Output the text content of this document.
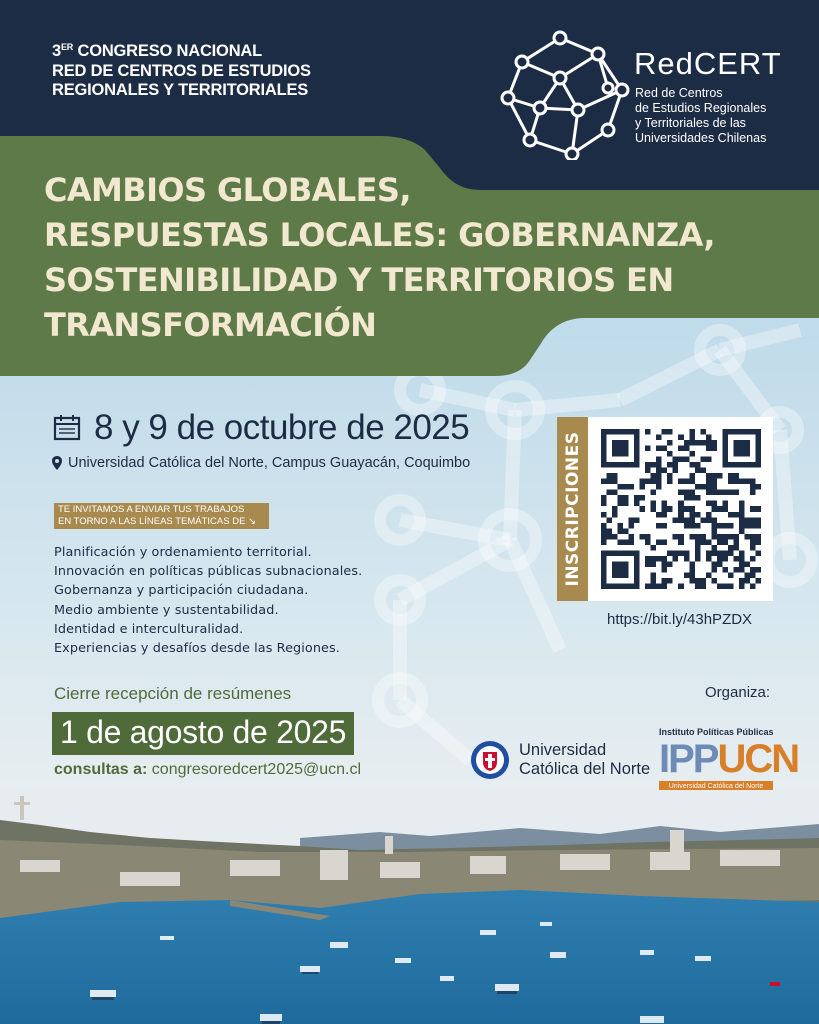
3ER CONGRESO NACIONAL
RED DE CENTROS DE ESTUDIOS
REGIONALES Y TERRITORIALES
RedCERT
Red de Centros
de Estudios Regionales
y Territoriales de las
Universidades Chilenas
CAMBIOS GLOBALES,
RESPUESTAS LOCALES: GOBERNANZA,
SOSTENIBILIDAD Y TERRITORIOS EN
TRANSFORMACIÓN
8 y 9 de octubre de 2025
Universidad Católica del Norte, Campus Guayacán, Coquimbo
TE INVITAMOS A ENVIAR TUS TRABAJOS
EN TORNO A LAS LÍNEAS TEMÁTICAS DE ↘
Planificación y ordenamiento territorial.
Innovación en políticas públicas subnacionales.
Gobernanza y participación ciudadana.
Medio ambiente y sustentabilidad.
Identidad e interculturalidad.
Experiencias y desafíos desde las Regiones.
INSCRIPCIONES
https://bit.ly/43hPZDX
Cierre recepción de resúmenes
1 de agosto de 2025
consultas a: congresoredcert2025@ucn.cl
Organiza:
Universidad
Católica del Norte
Instituto Políticas Públicas
IPPUCN
Universidad Católica del Norte
